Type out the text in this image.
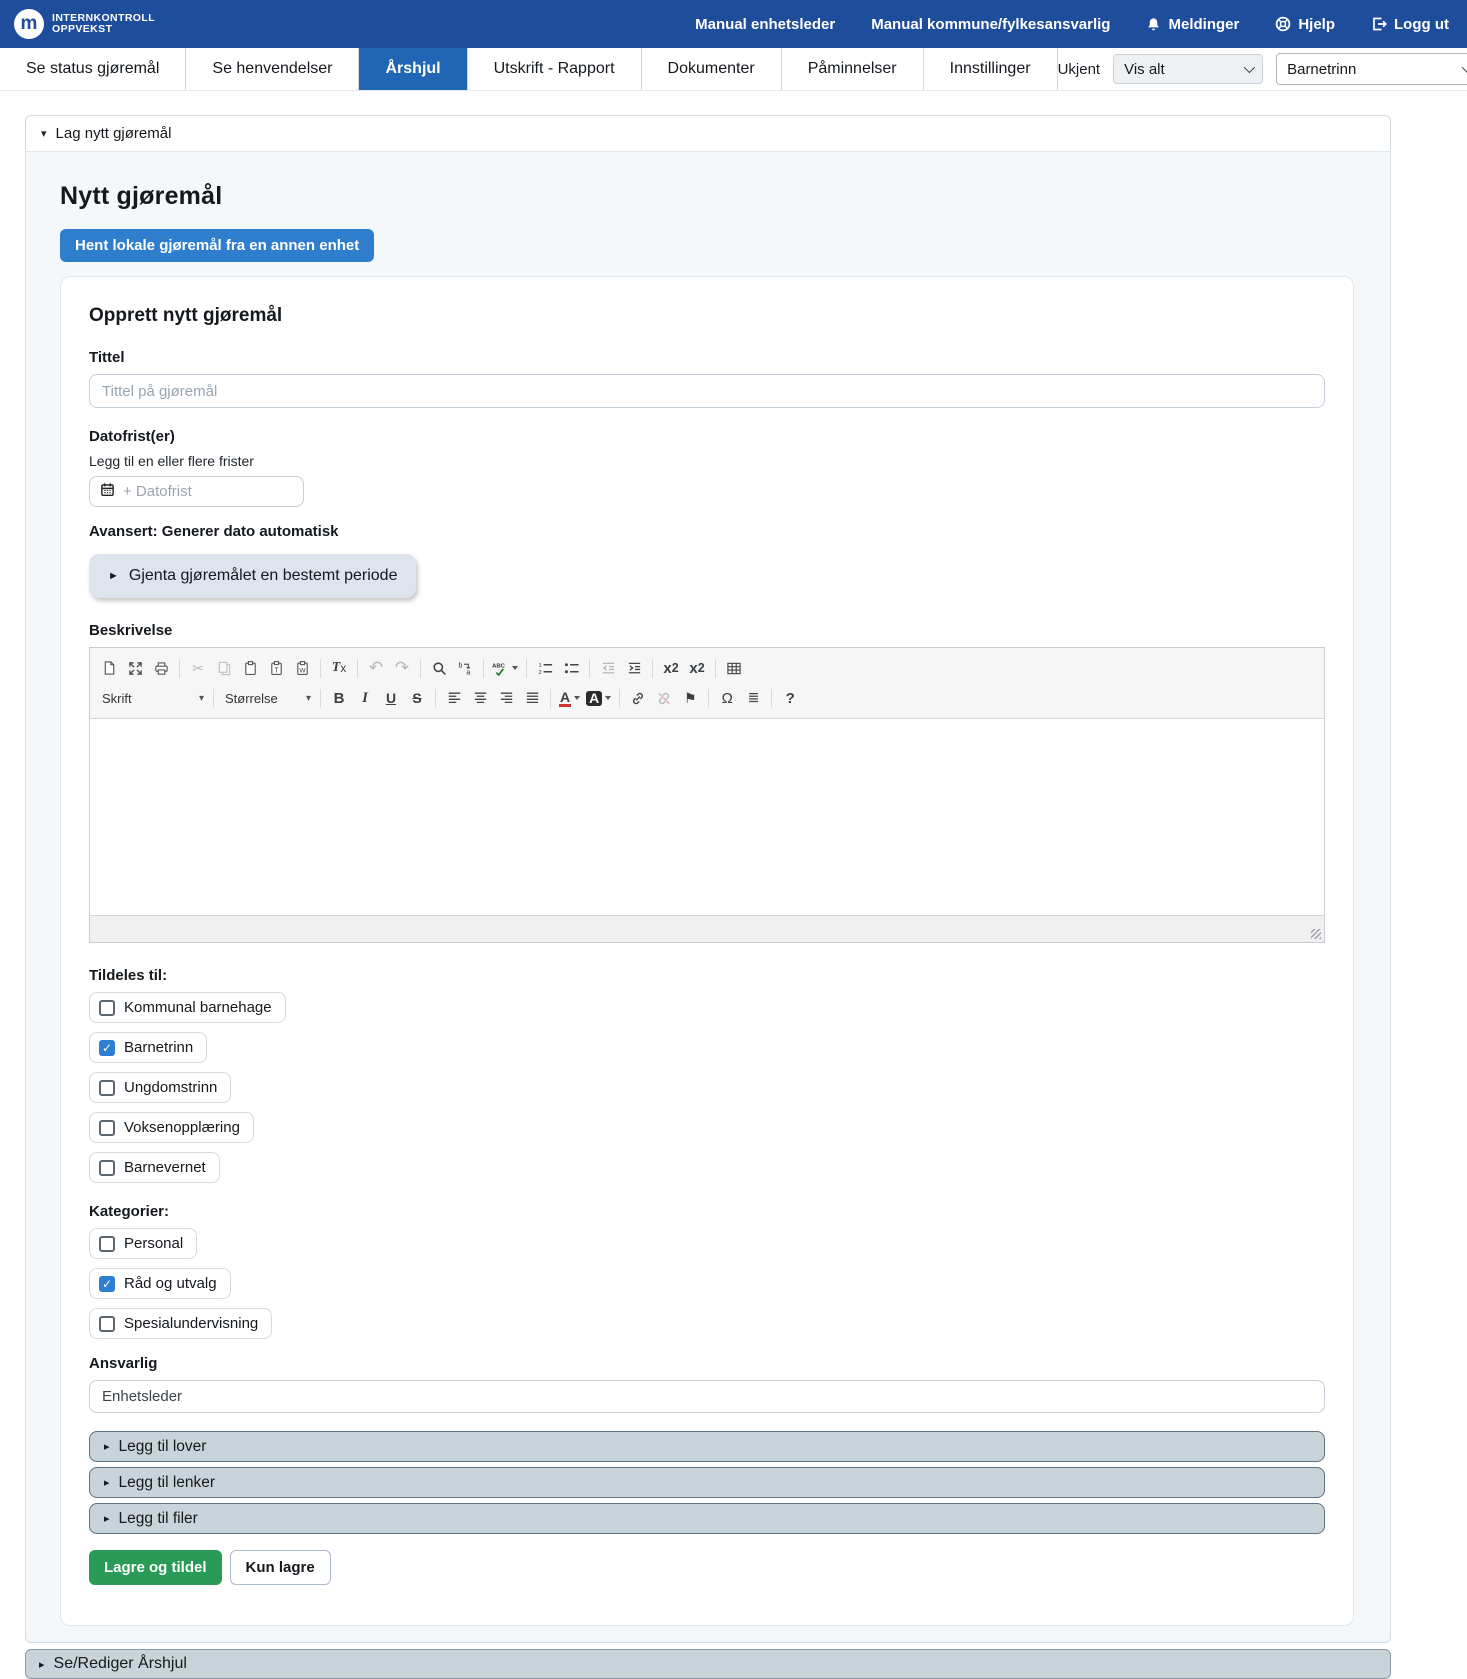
m	INTERNKONTROLL
OPPVEKST	Manual enhetsleder Manual kommune/fylkesansvarlig	Meldinger	Hjelp	Logg ut
Se status gjøremål	Se henvendelser	Årshjul	Utskrift - Rapport	Dokumenter	Påminnelser	Innstillinger	Ukjent Vis alt	Barnetrinn
▾ Lag nytt gjøremål
Nytt gjøremål
Hent lokale gjøremål fra en annen enhet
Opprett nytt gjøremål
Tittel
Tittel på gjøremål
Datofrist(er)
Legg til en eller flere frister
+ Datofrist
Avansert: Generer dato automatisk
► Gjenta gjøremålet en bestemt periode
Beskrivelse
✂	T	W T x	↶ ↷	b
a
ABC	1
2	x 2 x 2
Skrift	▾ Størrelse	▾	B	I	U	S	A A	⚑	Ω	?
Tildeles til:
Kommunal barnehage
✓
Barnetrinn
Ungdomstrinn
Voksenopplæring
Barnevernet
Kategorier:
Personal
✓
Råd og utvalg
Spesialundervisning
Ansvarlig
Enhetsleder
▸ Legg til lover
▸ Legg til lenker
▸ Legg til filer
Lagre og tildel	Kun lagre
▸ Se/Rediger Årshjul
